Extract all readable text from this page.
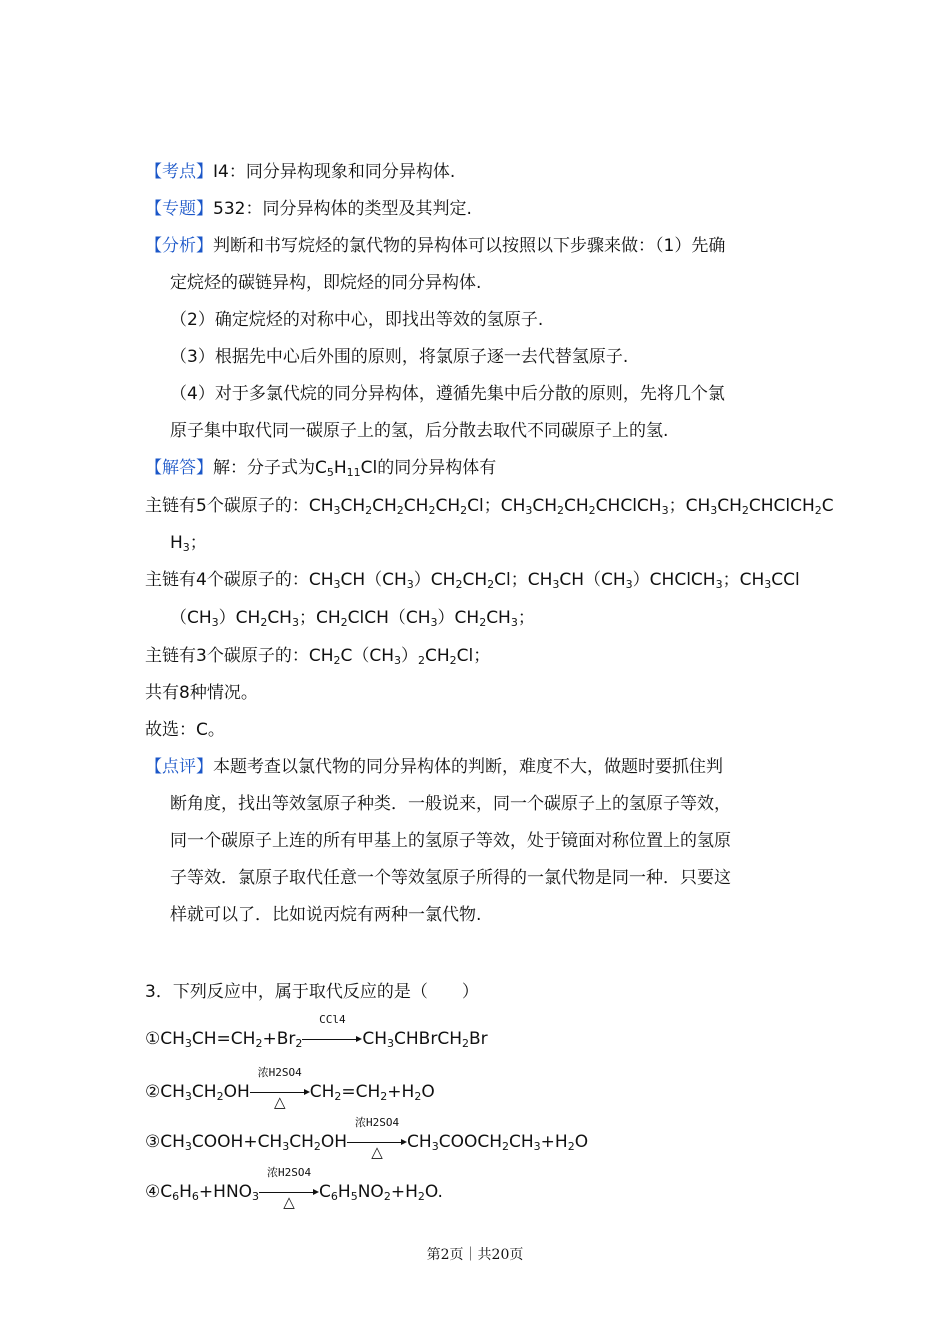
【考点】I4：同分异构现象和同分异构体.
【专题】532：同分异构体的类型及其判定.
【分析】判断和书写烷烃的氯代物的异构体可以按照以下步骤来做：（1）先确
定烷烃的碳链异构，即烷烃的同分异构体.
（2）确定烷烃的对称中心，即找出等效的氢原子.
（3）根据先中心后外围的原则，将氯原子逐一去代替氢原子.
（4）对于多氯代烷的同分异构体，遵循先集中后分散的原则，先将几个氯
原子集中取代同一碳原子上的氢，后分散去取代不同碳原子上的氢.
【解答】解：分子式为$C_5H_{11}Cl$的同分异构体有
主链有5个碳原子的：$CH_3CH_2CH_2CH_2CH_2Cl$；$CH_3CH_2CH_2CHClCH_3$；$CH_3CH_2CHClCH_2C$
$H_3$；
主链有4个碳原子的：$CH_3CH(CH_3)CH_2CH_2Cl$；$CH_3CH(CH_3)CHClCH_3$；$CH_3CCl$
$(CH_3)CH_2CH_3$；$CH_2ClCH(CH_3)CH_2CH_3$；
主链有3个碳原子的：$CH_2C(CH_3)_2CH_2Cl$；
共有8种情况。
故选：C。
【点评】本题考查以氯代物的同分异构体的判断，难度不大，做题时要抓住判
断角度，找出等效氢原子种类．一般说来，同一个碳原子上的氢原子等效，
同一个碳原子上连的所有甲基上的氢原子等效，处于镜面对称位置上的氢原
子等效．氯原子取代任意一个等效氢原子所得的一氯代物是同一种．只要这
样就可以了．比如说丙烷有两种一氯代物.
3．下列反应中，属于取代反应的是（　　）
$①CH_3CH=CH_2+Br_2$
CCl4
$CH_3CHBrCH_2Br$
$②CH_3CH_2OH$
浓H2SO4
△	$CH_2=CH_2+H_2O$
$③CH_3COOH+CH_3CH_2OH$
浓H2SO4
△	$CH_3COOCH_2CH_3+H_2O$
$④C_6H_6+HNO_3$
浓H2SO4
△	$C_6H_5NO_2+H_2O$.
第2页｜共20页
